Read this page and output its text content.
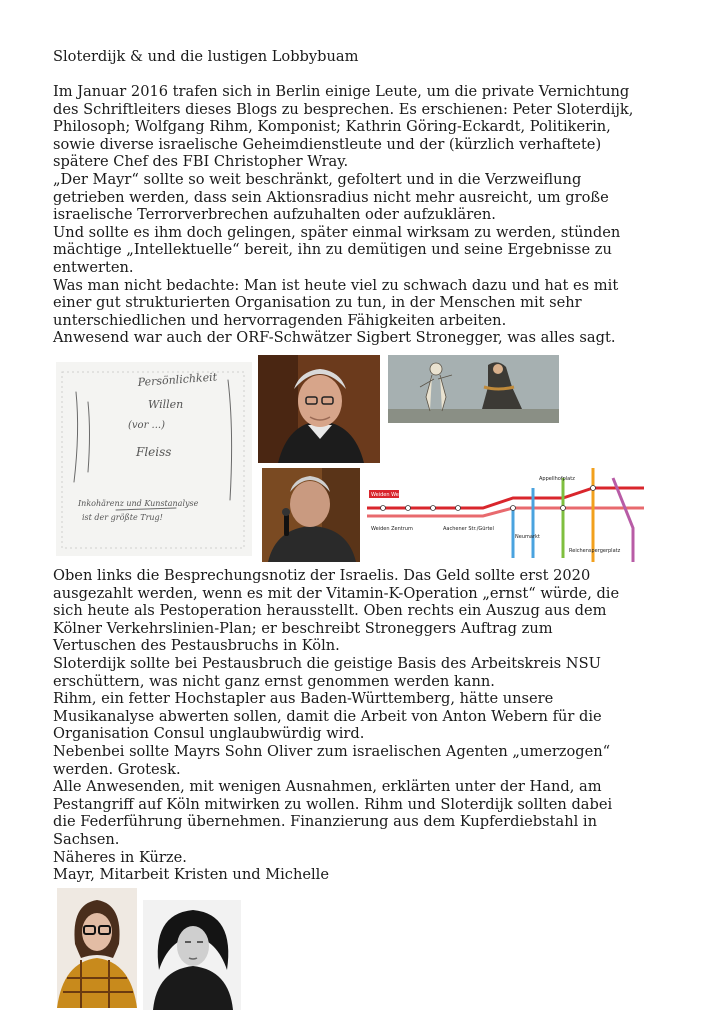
Sloterdijk & und die lustigen Lobbybuam

Im Januar 2016 trafen sich in Berlin einige Leute, um die private Vernichtung

des Schriftleiters dieses Blogs zu besprechen. Es erschienen: Peter Sloterdijk,

Philosoph; Wolfgang Rihm, Komponist; Kathrin Göring-Eckardt, Politikerin,

sowie diverse israelische Geheimdienstleute und der (kürzlich verhaftete)

spätere Chef des FBI Christopher Wray.

„Der Mayr“ sollte so weit beschränkt, gefoltert und in die Verzweiflung

getrieben werden, dass sein Aktionsradius nicht mehr ausreicht, um große

israelische Terrorverbrechen aufzuhalten oder aufzuklären.

Und sollte es ihm doch gelingen, später einmal wirksam zu werden, stünden

mächtige „Intellektuelle“ bereit, ihn zu demütigen und seine Ergebnisse zu

entwerten.

Was man nicht bedachte: Man ist heute viel zu schwach dazu und hat es mit

einer gut strukturierten Organisation zu tun, in der Menschen mit sehr

unterschiedlichen und hervorragenden Fähigkeiten arbeiten.

Anwesend war auch der ORF-Schwätzer Sigbert Stronegger, was alles sagt.

Oben links die Besprechungsnotiz der Israelis. Das Geld sollte erst 2020

ausgezahlt werden, wenn es mit der Vitamin-K-Operation „ernst“ würde, die

sich heute als Pestoperation herausstellt. Oben rechts ein Auszug aus dem

Kölner Verkehrslinien-Plan; er beschreibt Stroneggers Auftrag zum

Vertuschen des Pestausbruchs in Köln.

Sloterdijk sollte bei Pestausbruch die geistige Basis des Arbeitskreis NSU

erschüttern, was nicht ganz ernst genommen werden kann.

Rihm, ein fetter Hochstapler aus Baden-Württemberg, hätte unsere

Musikanalyse abwerten sollen, damit die Arbeit von Anton Webern für die

Organisation Consul unglaubwürdig wird.

Nebenbei sollte Mayrs Sohn Oliver zum israelischen Agenten „umerzogen“

werden. Grotesk.

Alle Anwesenden, mit wenigen Ausnahmen, erklärten unter der Hand, am

Pestangriff auf Köln mitwirken zu wollen. Rihm und Sloterdijk sollten dabei

die Federführung übernehmen. Finanzierung aus dem Kupferdiebstahl in

Sachsen.

Näheres in Kürze.

Mayr, Mitarbeit Kristen und Michelle

Persönlichkeit
Willen
(vor ...)
Fleiss
Inkohärenz und Kunstanalyse
ist der größte Trug!
Weiden West
Weiden Zentrum	Aachener Str./Gürtel
Neumarkt
Appellhofplatz
Reichenspergerplatz
